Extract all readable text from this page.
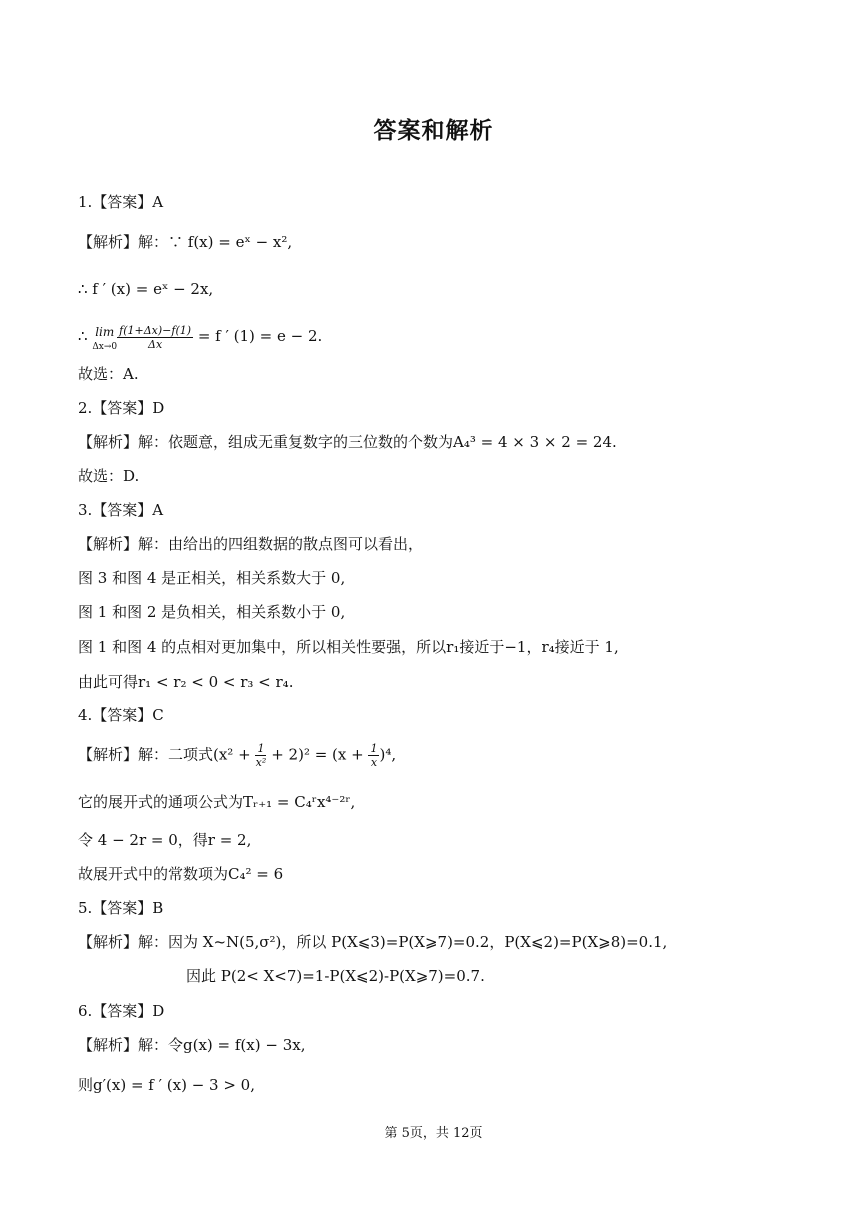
答案和解析
1.【答案】A
【解析】解：∵ f(x) = eˣ − x²,
∴ f ′ (x) = eˣ − 2x,
∴ lim
$\Delta x\to 0 \frac{f(1+\Delta x)-f(1)}{\Delta x} = f$ ′ (1) = e − 2.
故选：A.
2.【答案】D
【解析】解：依题意，组成无重复数字的三位数的个数为A₄³ = 4 × 3 × 2 = 24.
故选：D.
3.【答案】A
【解析】解：由给出的四组数据的散点图可以看出，
图 3 和图 4 是正相关，相关系数大于 0,
图 1 和图 2 是负相关，相关系数小于 0,
图 1 和图 4 的点相对更加集中，所以相关性要强，所以r₁接近于−1，r₄接近于 1,
由此可得r₁ < r₂ < 0 < r₃ < r₄.
4.【答案】C
【解析】解：二项式$(x^2 + \frac{1}{\text{x²}} + 2)^2 = (x + \frac{1}{x} )^4$,
它的展开式的通项公式为Tᵣ₊₁ = C₄ʳx⁴⁻²ʳ,
令 4 − 2r = 0，得r = 2,
故展开式中的常数项为C₄² = 6
5.【答案】B
【解析】解：因为 X~N(5,σ²)，所以 P(X⩽3)=P(X⩾7)=0.2，P(X⩽2)=P(X⩾8)=0.1,
因此 P(2< X<7)=1-P(X⩽2)-P(X⩾7)=0.7.
6.【答案】D
【解析】解：令g(x) = f(x) − 3x,
则g′(x) = f ′ (x) − 3 > 0,
第 5页，共 12页
